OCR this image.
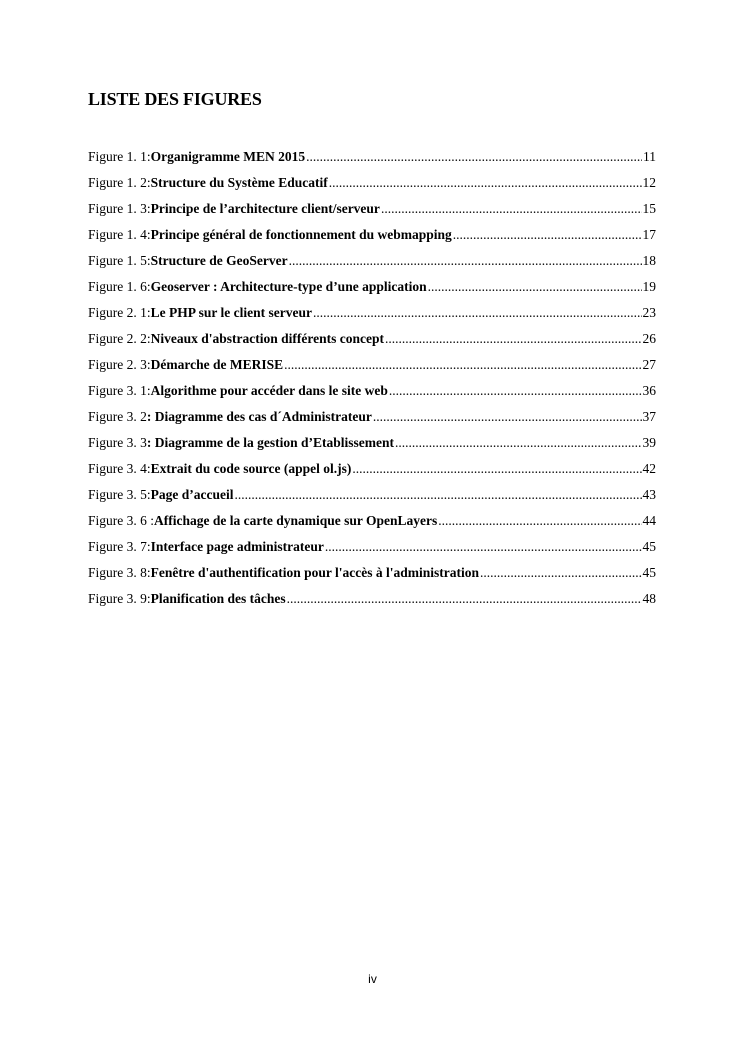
LISTE DES FIGURES
Figure 1. 1: Organigramme MEN 2015 .....	11
Figure 1. 2: Structure du Système Educatif .....	12
Figure 1. 3: Principe de l’architecture client/serveur .....	15
Figure 1. 4: Principe général de fonctionnement du webmapping .....	17
Figure 1. 5: Structure de GeoServer .....	18
Figure 1. 6: Geoserver : Architecture-type d’une application .....	19
Figure 2. 1: Le PHP sur le client serveur .....	23
Figure 2. 2: Niveaux d'abstraction différents concept .....	26
Figure 2. 3: Démarche de MERISE .....	27
Figure 3. 1: Algorithme pour accéder dans le site web .....	36
Figure 3. 2 : Diagramme des cas d´Administrateur .....	37
Figure 3. 3 : Diagramme de la gestion d’Etablissement .....	39
Figure 3. 4: Extrait du code source (appel ol.js) .....	42
Figure 3. 5: Page d’accueil .....	43
Figure 3. 6 : Affichage de la carte dynamique sur OpenLayers .....	44
Figure 3. 7: Interface page administrateur .....	45
Figure 3. 8: Fenêtre d'authentification pour l'accès à l'administration .....	45
Figure 3. 9: Planification des tâches .....	48
iv
